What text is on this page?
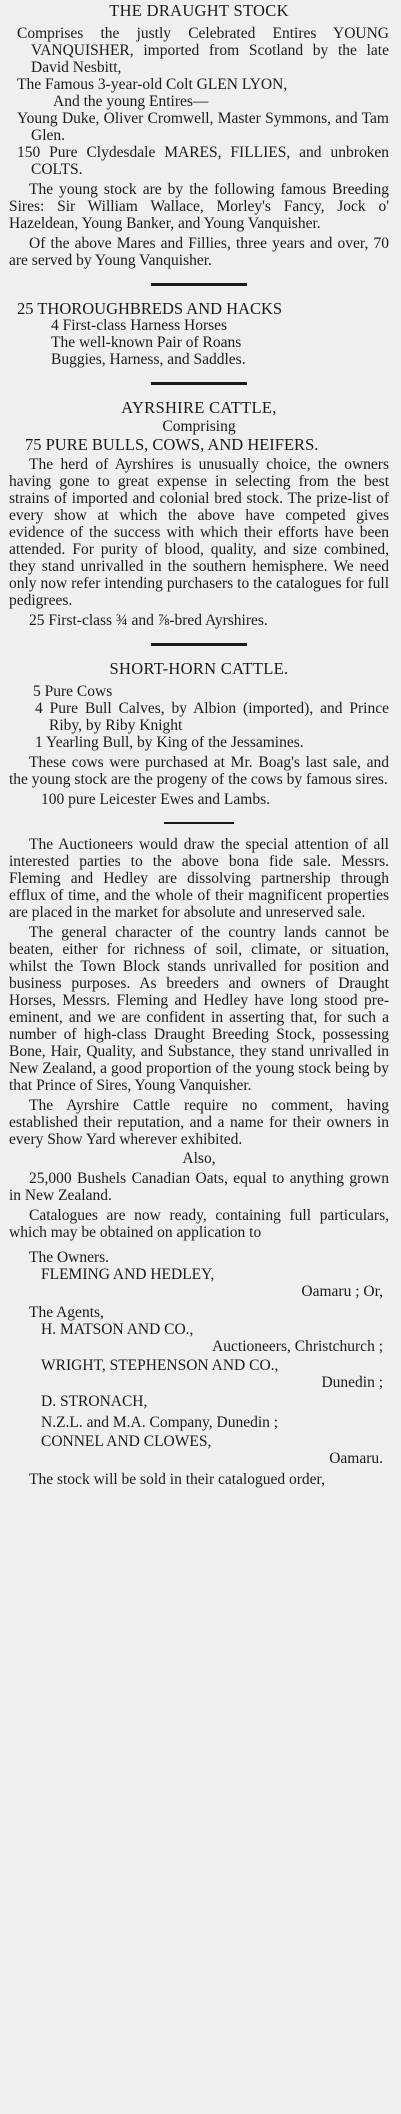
THE DRAUGHT STOCK

Comprises the justly Celebrated Entires YOUNG VANQUISHER, imported from Scotland by the late David Nesbitt,

The Famous 3-year-old Colt GLEN LYON,

And the young Entires—

Young Duke, Oliver Cromwell, Master Symmons, and Tam Glen.

150 Pure Clydesdale MARES, FILLIES, and unbroken COLTS.

The young stock are by the following famous Breeding Sires: Sir William Wallace, Morley's Fancy, Jock o' Hazeldean, Young Banker, and Young Vanquisher.

Of the above Mares and Fillies, three years and over, 70 are served by Young Vanquisher.

25 THOROUGHBREDS AND HACKS

4 First-class Harness Horses

The well-known Pair of Roans

Buggies, Harness, and Saddles.

AYRSHIRE CATTLE,
Comprising

75 PURE BULLS, COWS, AND HEIFERS.

The herd of Ayrshires is unusually choice, the owners having gone to great expense in selecting from the best strains of imported and colonial bred stock. The prize-list of every show at which the above have competed gives evidence of the success with which their efforts have been attended. For purity of blood, quality, and size combined, they stand unrivalled in the southern hemisphere. We need only now refer intending purchasers to the catalogues for full pedigrees.

25 First-class ¾ and ⅞-bred Ayrshires.

SHORT-HORN CATTLE.

5 Pure Cows

4 Pure Bull Calves, by Albion (imported), and Prince Riby, by Riby Knight

1 Yearling Bull, by King of the Jessamines.

These cows were purchased at Mr. Boag's last sale, and the young stock are the progeny of the cows by famous sires.

100 pure Leicester Ewes and Lambs.

The Auctioneers would draw the special attention of all interested parties to the above bona fide sale. Messrs. Fleming and Hedley are dissolving partnership through efflux of time, and the whole of their magnificent properties are placed in the market for absolute and unreserved sale.

The general character of the country lands cannot be beaten, either for richness of soil, climate, or situation, whilst the Town Block stands unrivalled for position and business purposes. As breeders and owners of Draught Horses, Messrs. Fleming and Hedley have long stood pre-eminent, and we are confident in asserting that, for such a number of high-class Draught Breeding Stock, possessing Bone, Hair, Quality, and Substance, they stand unrivalled in New Zealand, a good proportion of the young stock being by that Prince of Sires, Young Vanquisher.

The Ayrshire Cattle require no comment, having established their reputation, and a name for their owners in every Show Yard wherever exhibited.

Also,

25,000 Bushels Canadian Oats, equal to anything grown in New Zealand.

Catalogues are now ready, containing full particulars, which may be obtained on application to

The Owners.

FLEMING AND HEDLEY,

Oamaru ; Or,

The Agents,

H. MATSON AND CO.,

Auctioneers, Christchurch ;

WRIGHT, STEPHENSON AND CO.,

Dunedin ;

D. STRONACH,

N.Z.L. and M.A. Company, Dunedin ;

CONNEL AND CLOWES,

Oamaru.

The stock will be sold in their catalogued order,
